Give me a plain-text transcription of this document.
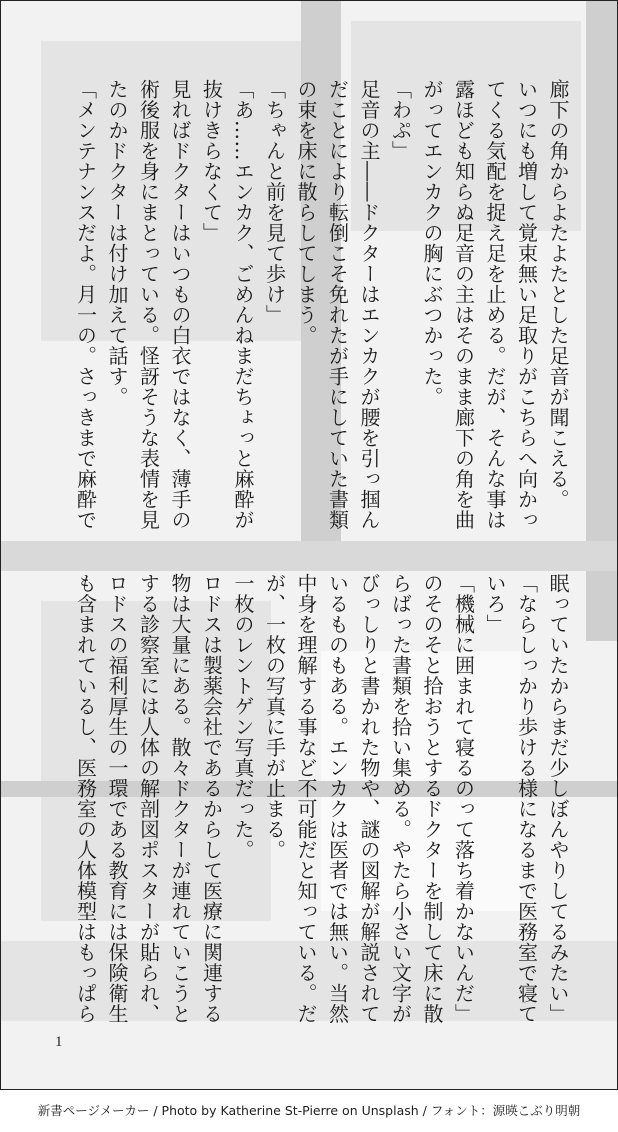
廊下の角からよたよたとした足音が聞こえる。

いつにも増して覚束無い足取りがこちらへ向かっ

てくる気配を捉え足を止める。だが、そんな事は

露ほども知らぬ足音の主はそのまま廊下の角を曲

がってエンカクの胸にぶつかった。

「わぷ」

足音の主――ドクターはエンカクが腰を引っ掴ん

だことにより転倒こそ免れたが手にしていた書類

の束を床に散らしてしまう。

「ちゃんと前を見て歩け」

「あ……エンカク、ごめんねまだちょっと麻酔が

抜けきらなくて」

見ればドクターはいつもの白衣ではなく、薄手の

術後服を身にまとっている。怪訝そうな表情を見

たのかドクターは付け加えて話す。

「メンテナンスだよ。月一の。さっきまで麻酔で

眠っていたからまだ少しぼんやりしてるみたい」

「ならしっかり歩ける様になるまで医務室で寝て

いろ」

「機械に囲まれて寝るのって落ち着かないんだ」

のそのそと拾おうとするドクターを制して床に散

らばった書類を拾い集める。やたら小さい文字が

びっしりと書かれた物や、謎の図解が解説されて

いるものもある。エンカクは医者では無い。当然

中身を理解する事など不可能だと知っている。だ

が、一枚の写真に手が止まる。

一枚のレントゲン写真だった。

ロドスは製薬会社であるからして医療に関連する

物は大量にある。散々ドクターが連れていこうと

する診察室には人体の解剖図ポスターが貼られ、

ロドスの福利厚生の一環である教育には保険衛生

も含まれているし、医務室の人体模型はもっぱら

1
新書ページメーカー / Photo by Katherine St-Pierre on Unsplash / フォント：源暎こぶり明朝
